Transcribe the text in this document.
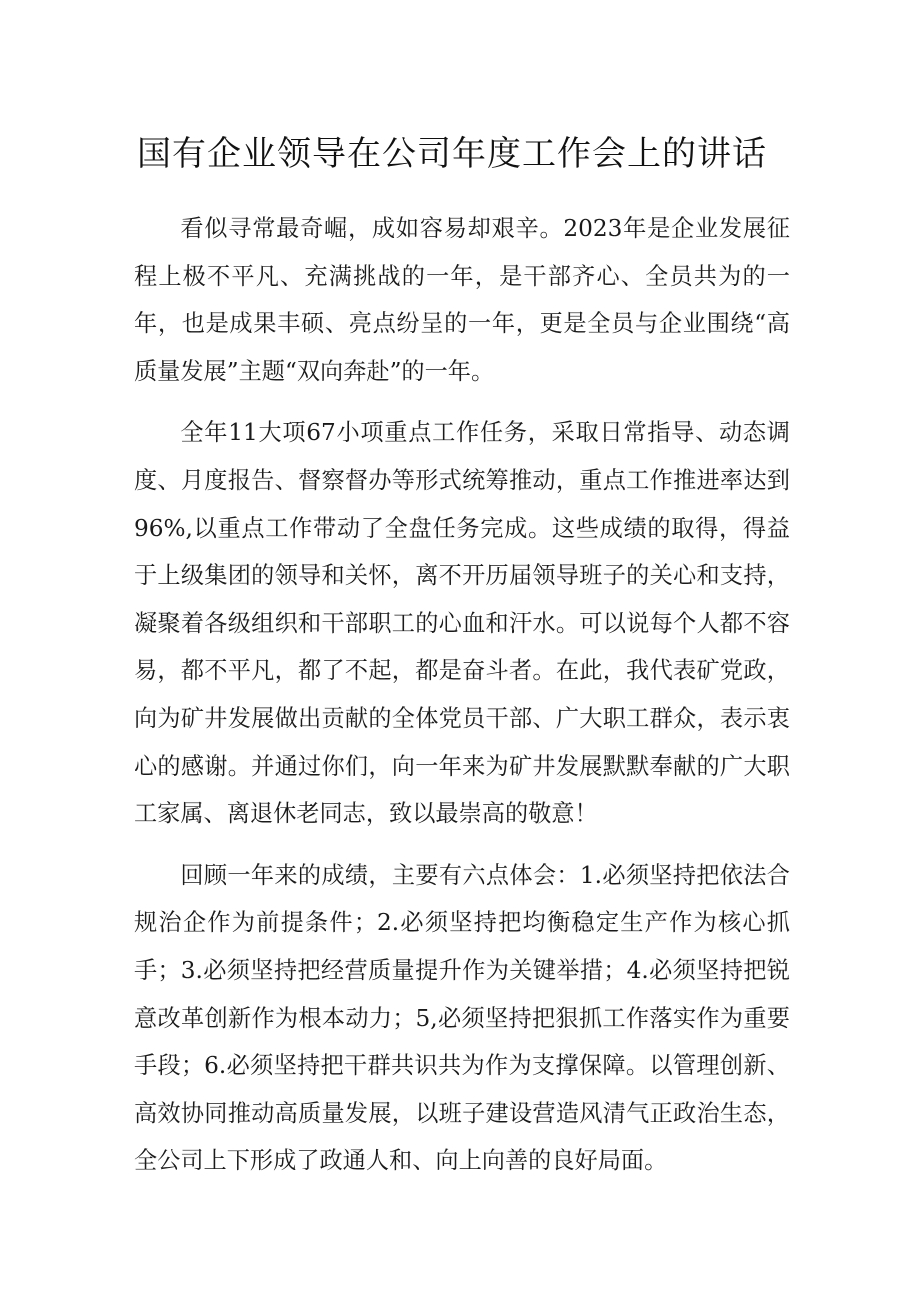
国有企业领导在公司年度工作会上的讲话

看似寻常最奇崛，成如容易却艰辛。2023年是企业发展征程上极不平凡、充满挑战的一年，是干部齐心、全员共为的一年，也是成果丰硕、亮点纷呈的一年，更是全员与企业围绕“高质量发展”主题“双向奔赴”的一年。

全年11大项67小项重点工作任务，采取日常指导、动态调度、月度报告、督察督办等形式统筹推动，重点工作推进率达到96%,以重点工作带动了全盘任务完成。这些成绩的取得，得益于上级集团的领导和关怀，离不开历届领导班子的关心和支持，凝聚着各级组织和干部职工的心血和汗水。可以说每个人都不容易，都不平凡，都了不起，都是奋斗者。在此，我代表矿党政，向为矿井发展做出贡献的全体党员干部、广大职工群众，表示衷心的感谢。并通过你们，向一年来为矿井发展默默奉献的广大职工家属、离退休老同志，致以最崇高的敬意！

回顾一年来的成绩，主要有六点体会：1.必须坚持把依法合规治企作为前提条件；2.必须坚持把均衡稳定生产作为核心抓手；3.必须坚持把经营质量提升作为关键举措；4.必须坚持把锐意改革创新作为根本动力；5,必须坚持把狠抓工作落实作为重要手段；6.必须坚持把干群共识共为作为支撑保障。以管理创新、高效协同推动高质量发展，以班子建设营造风清气正政治生态，全公司上下形成了政通人和、向上向善的良好局面。
